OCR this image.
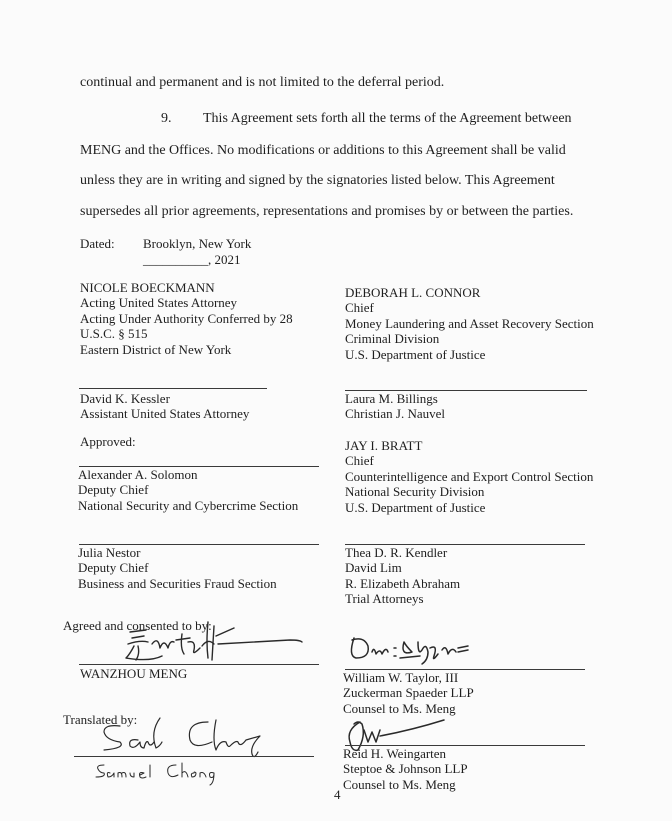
continual and permanent and is not limited to the deferral period.
9. This Agreement sets forth all the terms of the Agreement between
MENG and the Offices. No modifications or additions to this Agreement shall be valid
unless they are in writing and signed by the signatories listed below. This Agreement
supersedes all prior agreements, representations and promises by or between the parties.
Dated: Brooklyn, New York
__________, 2021
NICOLE BOECKMANN
Acting United States Attorney
Acting Under Authority Conferred by 28
U.S.C. § 515
Eastern District of New York
DEBORAH L. CONNOR
Chief
Money Laundering and Asset Recovery Section
Criminal Division
U.S. Department of Justice
David K. Kessler
Assistant United States Attorney
Laura M. Billings
Christian J. Nauvel
Approved:	JAY I. BRATT
Chief
Counterintelligence and Export Control Section
National Security Division
U.S. Department of Justice
Alexander A. Solomon
Deputy Chief
National Security and Cybercrime Section
Julia Nestor
Deputy Chief
Business and Securities Fraud Section
Thea D. R. Kendler
David Lim
R. Elizabeth Abraham
Trial Attorneys
Agreed and consented to by:
WANZHOU MENG	William W. Taylor, III
Zuckerman Spaeder LLP
Counsel to Ms. Meng
Translated by:
Reid H. Weingarten
Steptoe & Johnson LLP
Counsel to Ms. Meng
4
